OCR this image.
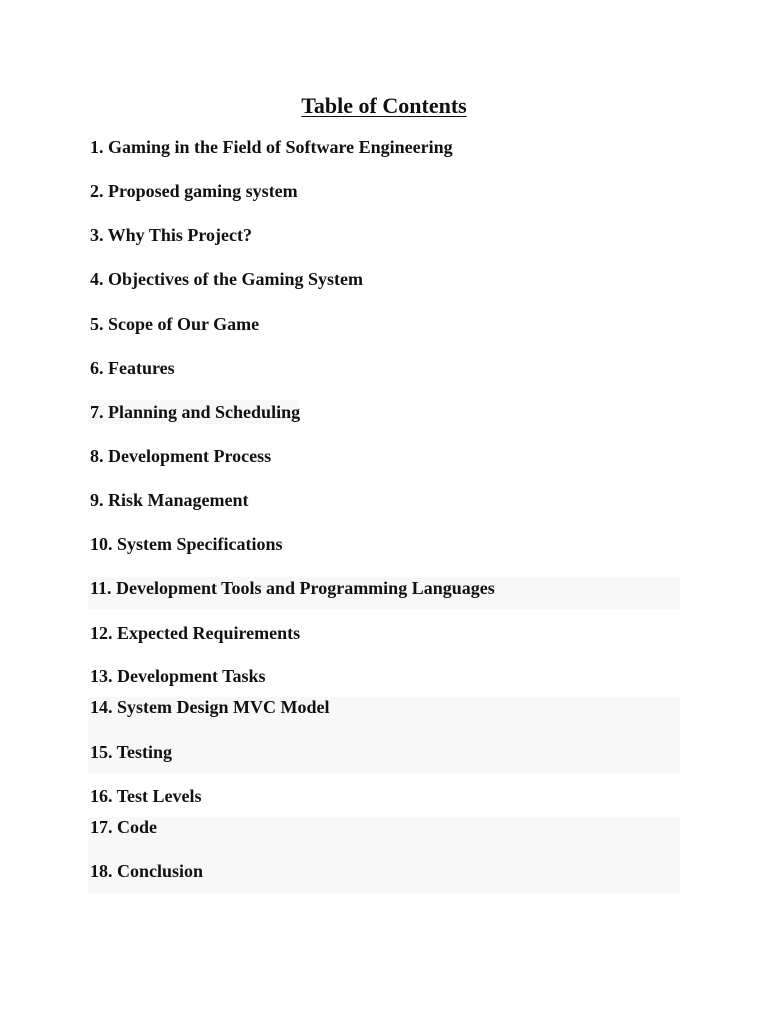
Table of Contents
1. Gaming in the Field of Software Engineering
2. Proposed gaming system
3. Why This Project?
4. Objectives of the Gaming System
5. Scope of Our Game
6. Features
7. Planning and Scheduling
8. Development Process
9. Risk Management
10. System Specifications
11. Development Tools and Programming Languages
12. Expected Requirements
13. Development Tasks
14. System Design MVC Model
15. Testing
16. Test Levels
17. Code
18. Conclusion
